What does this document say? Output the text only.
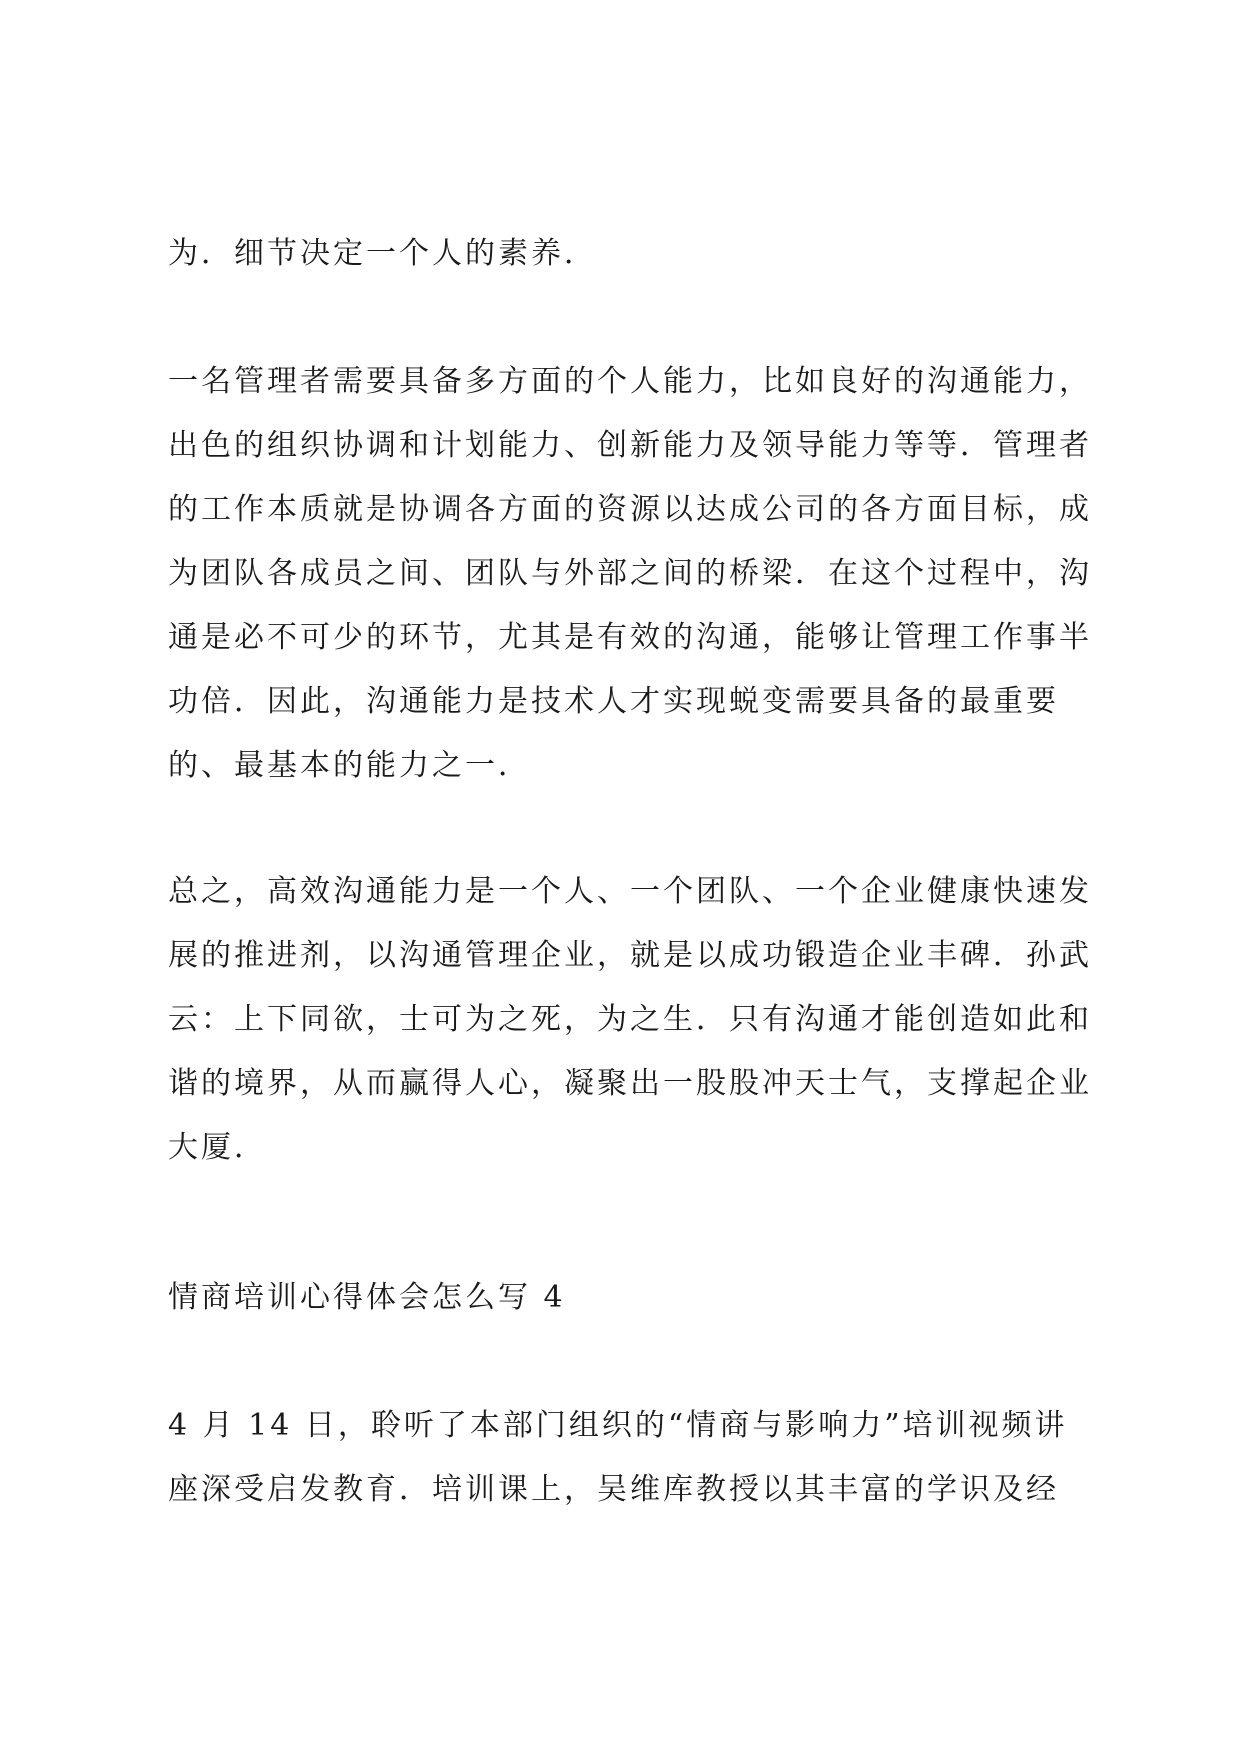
为．细节决定一个人的素养．

一名管理者需要具备多方面的个人能力，比如良好的沟通能力，
出色的组织协调和计划能力、创新能力及领导能力等等．管理者
的工作本质就是协调各方面的资源以达成公司的各方面目标，成
为团队各成员之间、团队与外部之间的桥梁．在这个过程中，沟
通是必不可少的环节，尤其是有效的沟通，能够让管理工作事半
功倍．因此，沟通能力是技术人才实现蜕变需要具备的最重要
的、最基本的能力之一．

总之，高效沟通能力是一个人、一个团队、一个企业健康快速发
展的推进剂，以沟通管理企业，就是以成功锻造企业丰碑．孙武
云：上下同欲，士可为之死，为之生．只有沟通才能创造如此和
谐的境界，从而赢得人心，凝聚出一股股冲天士气，支撑起企业
大厦．

情商培训心得体会怎么写 4

4 月 14 日，聆听了本部门组织的“情商与影响力”培训视频讲
座深受启发教育．培训课上，吴维库教授以其丰富的学识及经
